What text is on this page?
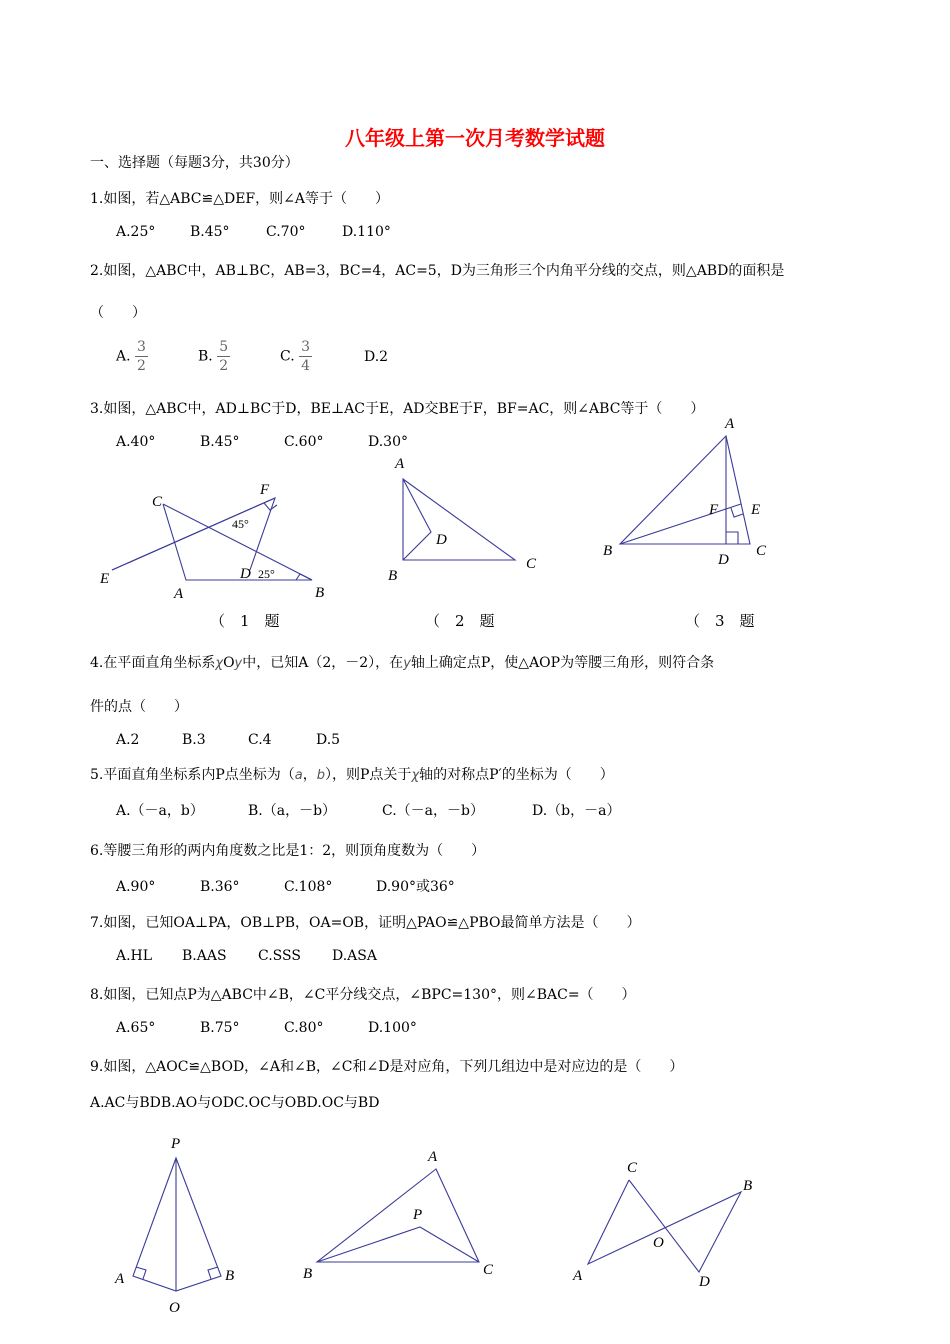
八年级上第一次月考数学试题
一、选择题（每题3分，共30分）
1.如图，若△ABC≌△DEF，则∠A等于（　　）
A.25° B.45°	C.70°	D.110°
2.如图，△ABC中，AB⊥BC，AB=3，BC=4，AC=5，D为三角形三个内角平分线的交点，则△ABD的面积是
（　　）
A. $\frac{3}{2}$	B. $\frac{5}{2}$	C. $\frac{3}{4}$	D.2
3.如图，△ABC中，AD⊥BC于D，BE⊥AC于E，AD交BE于F，BF=AC，则∠ABC等于（　　）
A.40°	B.45°	C.60°	D.30°
C
F
45°
E	D 25°
A	B
（　1　题
A
D
B
C
（　2　题
A
F E
B
D
C
（　3　题
4.在平面直角坐标系χOy中，已知A（2，－2），在y轴上确定点P，使△AOP为等腰三角形，则符合条
件的点（　　）
A.2	B.3	C.4	D.5
5.平面直角坐标系内P点坐标为（a，b），则P点关于χ轴的对称点P′的坐标为（　　）
A.（－a，b）	B.（a，－b）	C.（－a，－b）	D.（b，－a）
6.等腰三角形的两内角度数之比是1：2，则顶角度数为（　　）
A.90°	B.36°	C.108°	D.90°或36°
7.如图，已知OA⊥PA，OB⊥PB，OA=OB，证明△PAO≌△PBO最简单方法是（　　）
A.HL B.AAS C.SSS D.ASA
8.如图，已知点P为△ABC中∠B，∠C平分线交点，∠BPC=130°，则∠BAC=（　　）
A.65°	B.75°	C.80°	D.100°
9.如图，△AOC≌△BOD，∠A和∠B，∠C和∠D是对应角，下列几组边中是对应边的是（　　）
A.AC与BDB.AO与ODC.OC与OBD.OC与BD
P
A	B
O
A
P
B	C
C
B
O
A	D
